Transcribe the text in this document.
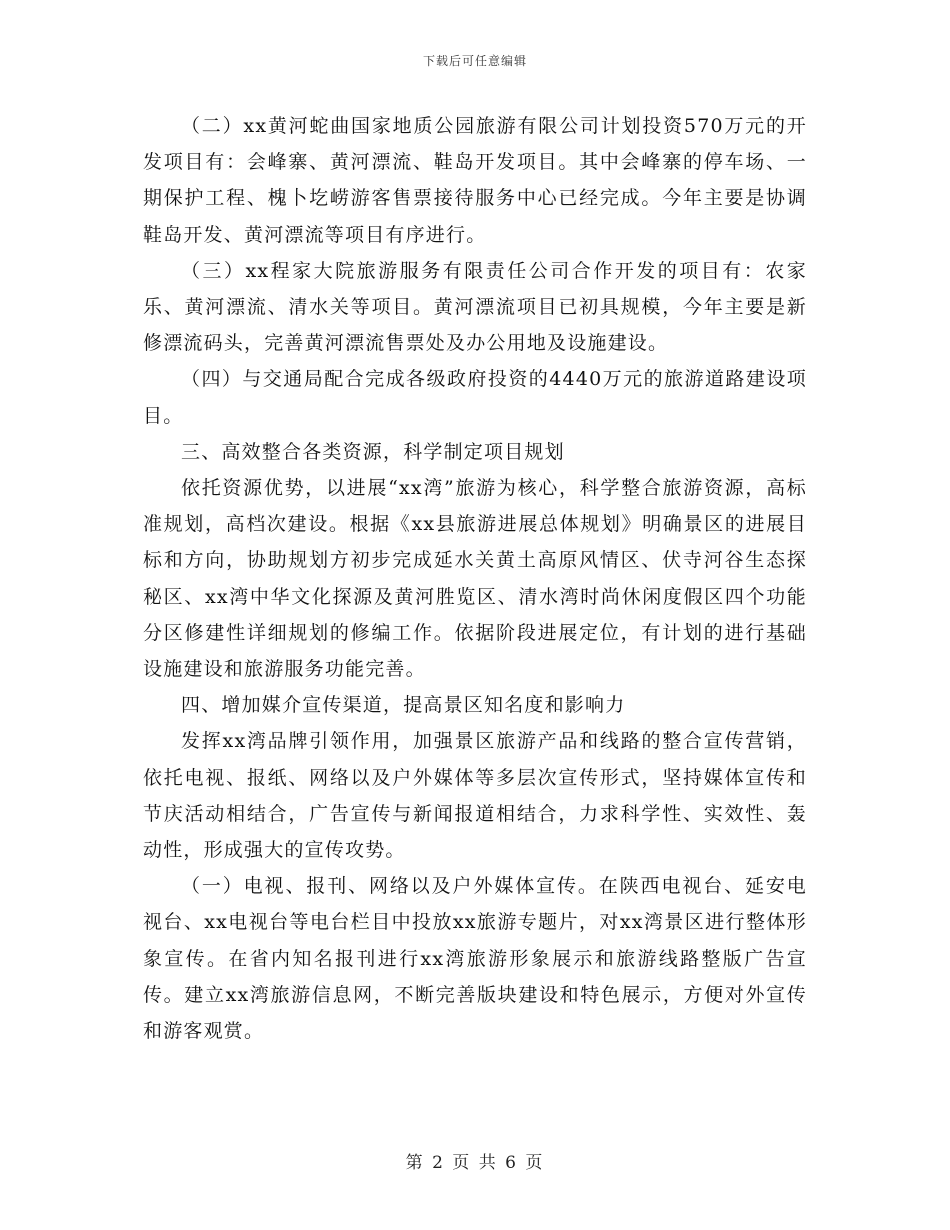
下载后可任意编辑

（二）xx黄河蛇曲国家地质公园旅游有限公司计划投资570万元的开发项目有：会峰寨、黄河漂流、鞋岛开发项目。其中会峰寨的停车场、一期保护工程、槐卜圪崂游客售票接待服务中心已经完成。今年主要是协调鞋岛开发、黄河漂流等项目有序进行。

（三）xx程家大院旅游服务有限责任公司合作开发的项目有：农家乐、黄河漂流、清水关等项目。黄河漂流项目已初具规模，今年主要是新修漂流码头，完善黄河漂流售票处及办公用地及设施建设。

（四）与交通局配合完成各级政府投资的4440万元的旅游道路建设项目。

三、高效整合各类资源，科学制定项目规划

依托资源优势，以进展“xx湾”旅游为核心，科学整合旅游资源，高标准规划，高档次建设。根据《xx县旅游进展总体规划》明确景区的进展目标和方向，协助规划方初步完成延水关黄土高原风情区、伏寺河谷生态探秘区、xx湾中华文化探源及黄河胜览区、清水湾时尚休闲度假区四个功能分区修建性详细规划的修编工作。依据阶段进展定位，有计划的进行基础设施建设和旅游服务功能完善。

四、增加媒介宣传渠道，提高景区知名度和影响力

发挥xx湾品牌引领作用，加强景区旅游产品和线路的整合宣传营销，依托电视、报纸、网络以及户外媒体等多层次宣传形式，坚持媒体宣传和节庆活动相结合，广告宣传与新闻报道相结合，力求科学性、实效性、轰动性，形成强大的宣传攻势。

（一）电视、报刊、网络以及户外媒体宣传。在陕西电视台、延安电视台、xx电视台等电台栏目中投放xx旅游专题片，对xx湾景区进行整体形象宣传。在省内知名报刊进行xx湾旅游形象展示和旅游线路整版广告宣传。建立xx湾旅游信息网，不断完善版块建设和特色展示，方便对外宣传和游客观赏。

第 2 页 共 6 页
